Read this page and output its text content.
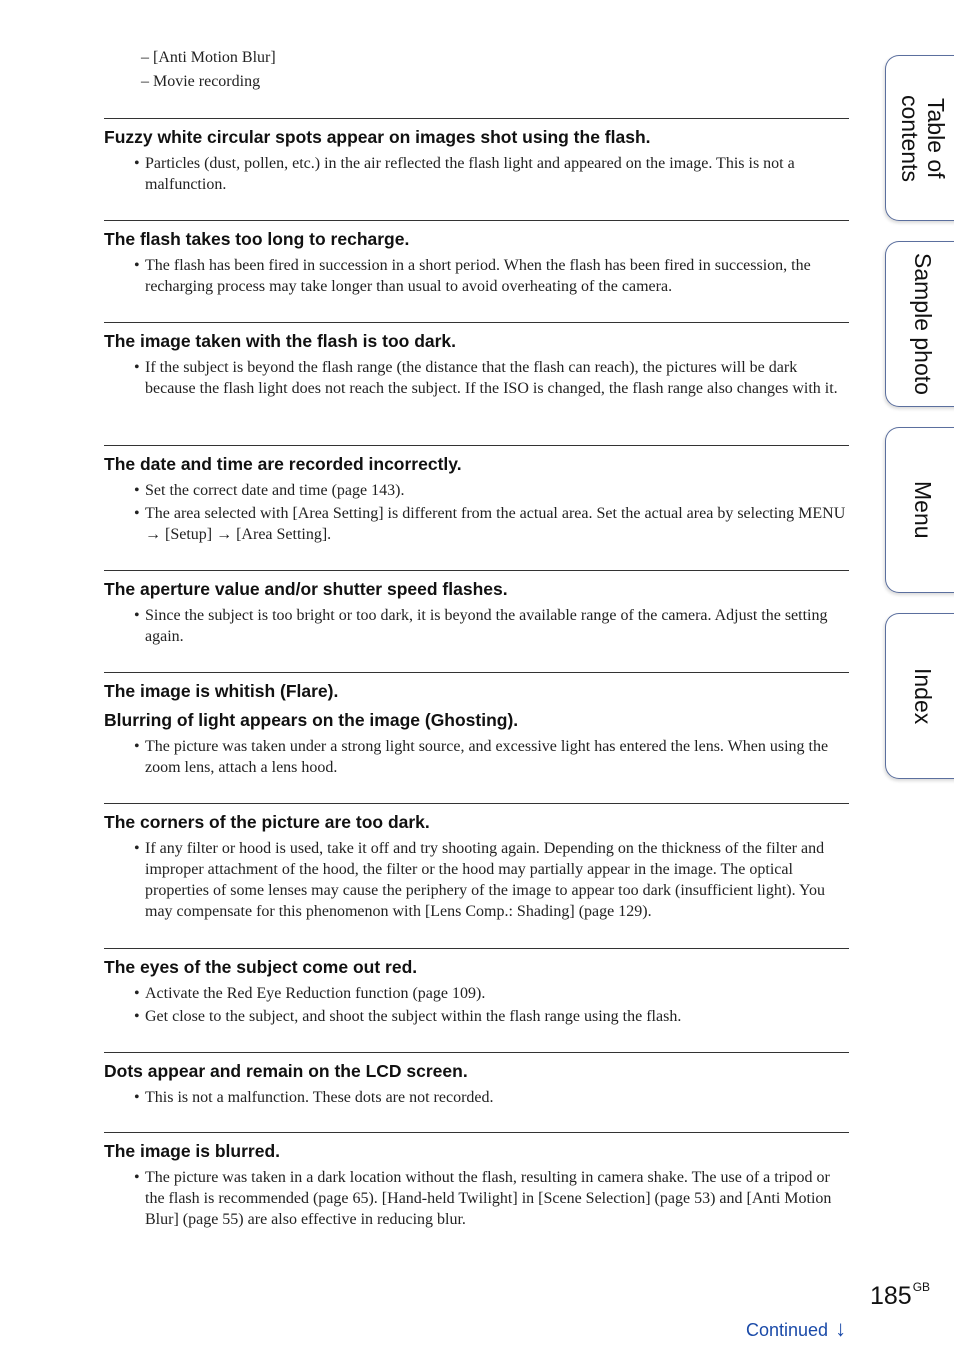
– [Anti Motion Blur]
– Movie recording
Fuzzy white circular spots appear on images shot using the flash.
• Particles (dust, pollen, etc.) in the air reflected the flash light and appeared on the image. This is not a malfunction.
The flash takes too long to recharge.
• The flash has been fired in succession in a short period. When the flash has been fired in succession, the recharging process may take longer than usual to avoid overheating of the camera.
The image taken with the flash is too dark.
• If the subject is beyond the flash range (the distance that the flash can reach), the pictures will be dark because the flash light does not reach the subject. If the ISO is changed, the flash range also changes with it.
The date and time are recorded incorrectly.
• Set the correct date and time (page 143).
• The area selected with [Area Setting] is different from the actual area. Set the actual area by selecting MENU → [Setup] → [Area Setting].
The aperture value and/or shutter speed flashes.
• Since the subject is too bright or too dark, it is beyond the available range of the camera. Adjust the setting again.
The image is whitish (Flare).
Blurring of light appears on the image (Ghosting).
• The picture was taken under a strong light source, and excessive light has entered the lens. When using the zoom lens, attach a lens hood.
The corners of the picture are too dark.
• If any filter or hood is used, take it off and try shooting again. Depending on the thickness of the filter and improper attachment of the hood, the filter or the hood may partially appear in the image. The optical properties of some lenses may cause the periphery of the image to appear too dark (insufficient light). You may compensate for this phenomenon with [Lens Comp.: Shading] (page 129).
The eyes of the subject come out red.
• Activate the Red Eye Reduction function (page 109).
• Get close to the subject, and shoot the subject within the flash range using the flash.
Dots appear and remain on the LCD screen.
• This is not a malfunction. These dots are not recorded.
The image is blurred.
• The picture was taken in a dark location without the flash, resulting in camera shake. The use of a tripod or the flash is recommended (page 65). [Hand-held Twilight] in [Scene Selection] (page 53) and [Anti Motion Blur] (page 55) are also effective in reducing blur.
Table of contents
Sample photo
Menu
Index
$185^{GB}$
Continued ↓
